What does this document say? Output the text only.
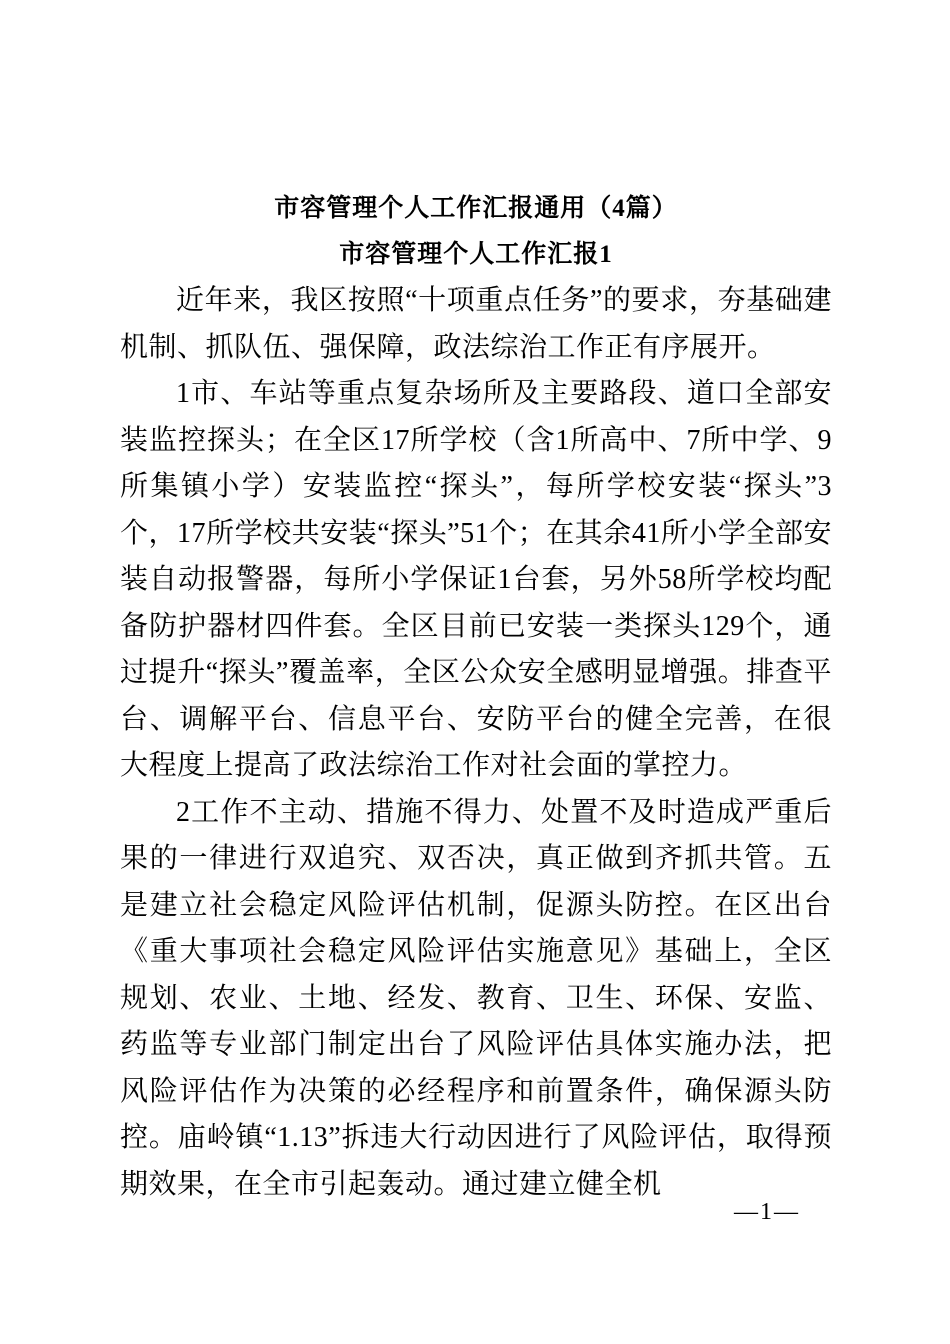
市容管理个人工作汇报通用（4篇）
市容管理个人工作汇报1

近年来，我区按照“十项重点任务”的要求，夯基础建机制、抓队伍、强保障，政法综治工作正有序展开。

1市、车站等重点复杂场所及主要路段、道口全部安装监控探头；在全区17所学校（含1所高中、7所中学、9所集镇小学）安装监控“探头”，每所学校安装“探头”3个，17所学校共安装“探头”51个；在其余41所小学全部安装自动报警器，每所小学保证1台套，另外58所学校均配备防护器材四件套。全区目前已安装一类探头129个，通过提升“探头”覆盖率，全区公众安全感明显增强。排查平台、调解平台、信息平台、安防平台的健全完善，在很大程度上提高了政法综治工作对社会面的掌控力。

2工作不主动、措施不得力、处置不及时造成严重后果的一律进行双追究、双否决，真正做到齐抓共管。五是建立社会稳定风险评估机制，促源头防控。在区出台《重大事项社会稳定风险评估实施意见》基础上，全区规划、农业、土地、经发、教育、卫生、环保、安监、药监等专业部门制定出台了风险评估具体实施办法，把风险评估作为决策的必经程序和前置条件，确保源头防控。庙岭镇“1.13”拆违大行动因进行了风险评估，取得预期效果，在全市引起轰动。通过建立健全机

—1—
